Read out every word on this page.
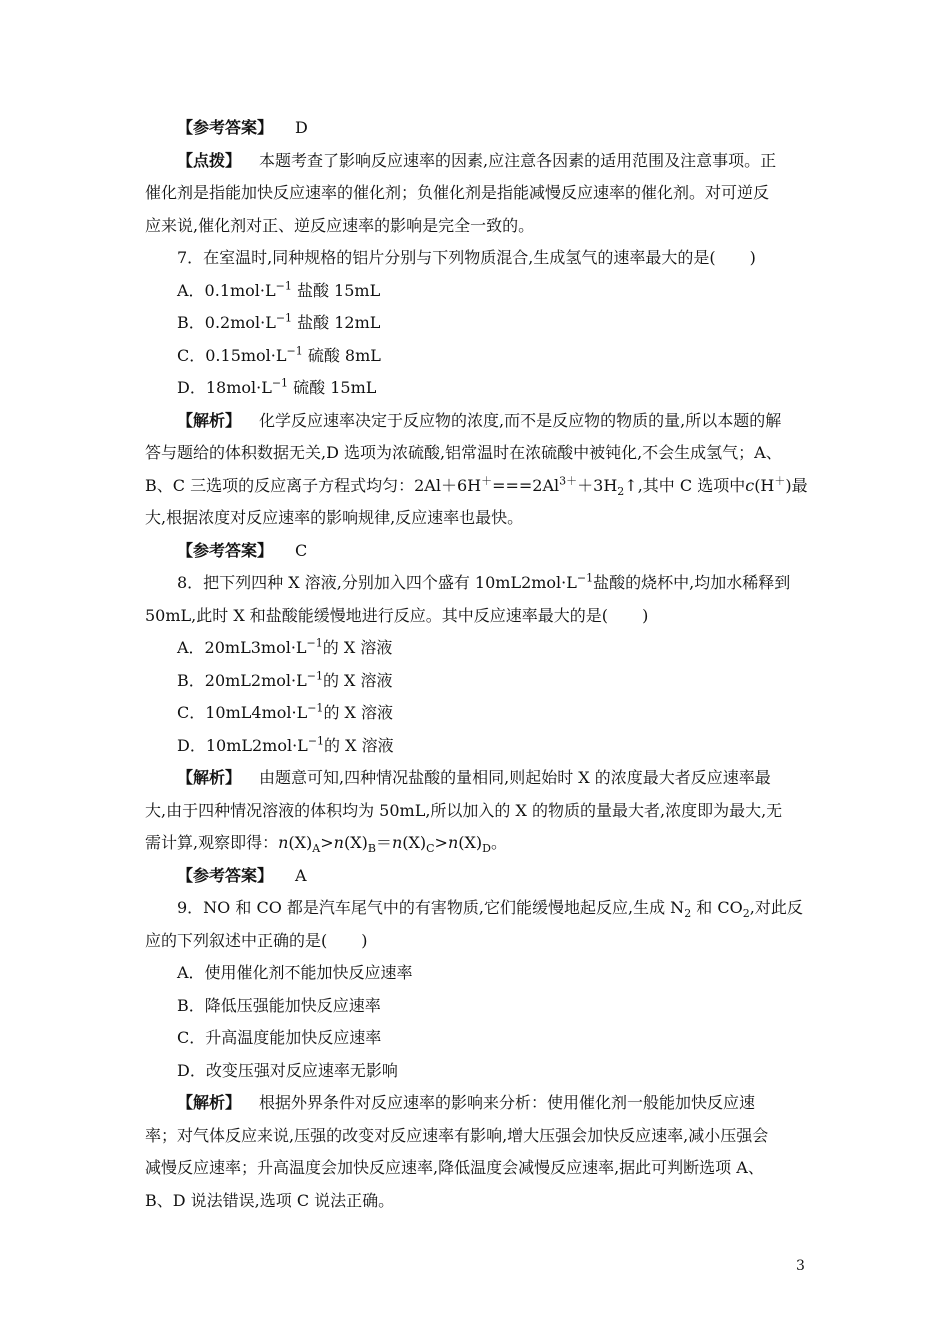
【参考答案】 D
【点拨】 本题考查了影响反应速率的因素,应注意各因素的适用范围及注意事项。正
催化剂是指能加快反应速率的催化剂；负催化剂是指能减慢反应速率的催化剂。对可逆反
应来说,催化剂对正、逆反应速率的影响是完全一致的。
7．在室温时,同种规格的铝片分别与下列物质混合,生成氢气的速率最大的是( )
A．$0.1mol\cdot L^{-1}$ 盐酸 15mL
B．$0.2mol\cdot L^{-1}$ 盐酸 12mL
C．$0.15mol\cdot L^{-1}$ 硫酸 8mL
D．$18mol\cdot L^{-1}$ 硫酸 15mL
【解析】 化学反应速率决定于反应物的浓度,而不是反应物的物质的量,所以本题的解
答与题给的体积数据无关,D 选项为浓硫酸,铝常温时在浓硫酸中被钝化,不会生成氢气；A、
B、C 三选项的反应离子方程式均匀：$2Al+6H^+===2Al^{3+}+3H_2↑$,其中 C 选项中c(H＋)最
大,根据浓度对反应速率的影响规律,反应速率也最快。
【参考答案】 C
8．把下列四种 X 溶液,分别加入四个盛有 $10mL2mol\cdot L^{-1}$盐酸的烧杯中,均加水稀释到
50mL,此时 X 和盐酸能缓慢地进行反应。其中反应速率最大的是( )
A．$20mL3mol\cdot L^{-1}$的 X 溶液
B．$20mL2mol\cdot L^{-1}$的 X 溶液
C．$10mL4mol\cdot L^{-1}$的 X 溶液
D．$10mL2mol\cdot L^{-1}$的 X 溶液
【解析】 由题意可知,四种情况盐酸的量相同,则起始时 X 的浓度最大者反应速率最
大,由于四种情况溶液的体积均为 50mL,所以加入的 X 的物质的量最大者,浓度即为最大,无
需计算,观察即得：$n(X)_A>n(X)_B=n(X)_C>n(X)_D$。
【参考答案】 A
9．NO 和 CO 都是汽车尾气中的有害物质,它们能缓慢地起反应,生成 $N_2$ 和 $CO_2$,对此反
应的下列叙述中正确的是( )
A．使用催化剂不能加快反应速率
B．降低压强能加快反应速率
C．升高温度能加快反应速率
D．改变压强对反应速率无影响
【解析】 根据外界条件对反应速率的影响来分析：使用催化剂一般能加快反应速
率；对气体反应来说,压强的改变对反应速率有影响,增大压强会加快反应速率,减小压强会
减慢反应速率；升高温度会加快反应速率,降低温度会减慢反应速率,据此可判断选项 A、
B、D 说法错误,选项 C 说法正确。
3
